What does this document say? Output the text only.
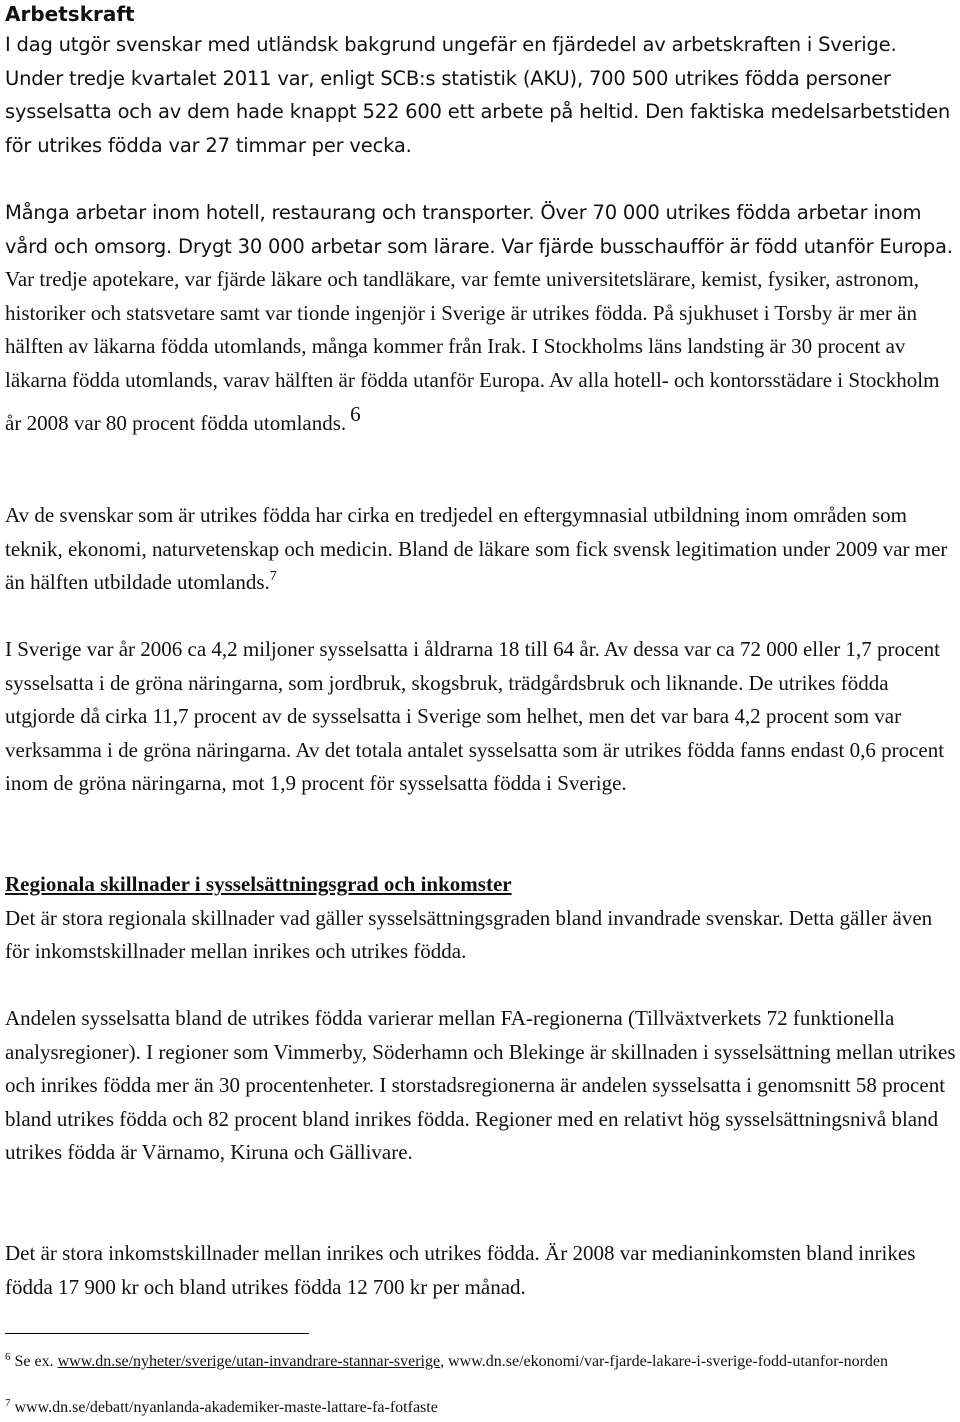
Arbetskraft

I dag utgör svenskar med utländsk bakgrund ungefär en fjärdedel av arbetskraften i Sverige. Under tredje kvartalet 2011 var, enligt SCB:s statistik (AKU), 700 500 utrikes födda personer sysselsatta och av dem hade knappt 522 600 ett arbete på heltid. Den faktiska medelsarbetstiden för utrikes födda var 27 timmar per vecka.

Många arbetar inom hotell, restaurang och transporter. Över 70 000 utrikes födda arbetar inom vård och omsorg. Drygt 30 000 arbetar som lärare. Var fjärde busschaufför är född utanför Europa. Var tredje apotekare, var fjärde läkare och tandläkare, var femte universitetslärare, kemist, fysiker, astronom, historiker och statsvetare samt var tionde ingenjör i Sverige är utrikes födda. På sjukhuset i Torsby är mer än hälften av läkarna födda utomlands, många kommer från Irak. I Stockholms läns landsting är 30 procent av läkarna födda utomlands, varav hälften är födda utanför Europa. Av alla hotell- och kontorsstädare i Stockholm år 2008 var 80 procent födda utomlands. $^6$

Av de svenskar som är utrikes födda har cirka en tredjedel en eftergymnasial utbildning inom områden som teknik, ekonomi, naturvetenskap och medicin. Bland de läkare som fick svensk legitimation under 2009 var mer än hälften utbildade utomlands.$^7$

I Sverige var år 2006 ca 4,2 miljoner sysselsatta i åldrarna 18 till 64 år. Av dessa var ca 72 000 eller 1,7 procent sysselsatta i de gröna näringarna, som jordbruk, skogsbruk, trädgårdsbruk och liknande. De utrikes födda utgjorde då cirka 11,7 procent av de sysselsatta i Sverige som helhet, men det var bara 4,2 procent som var verksamma i de gröna näringarna. Av det totala antalet sysselsatta som är utrikes födda fanns endast 0,6 procent inom de gröna näringarna, mot 1,9 procent för sysselsatta födda i Sverige.

Regionala skillnader i sysselsättningsgrad och inkomster

Det är stora regionala skillnader vad gäller sysselsättningsgraden bland invandrade svenskar. Detta gäller även för inkomstskillnader mellan inrikes och utrikes födda.

Andelen sysselsatta bland de utrikes födda varierar mellan FA-regionerna (Tillväxtverkets 72 funktionella analysregioner). I regioner som Vimmerby, Söderhamn och Blekinge är skillnaden i sysselsättning mellan utrikes och inrikes födda mer än 30 procentenheter. I storstadsregionerna är andelen sysselsatta i genomsnitt 58 procent bland utrikes födda och 82 procent bland inrikes födda. Regioner med en relativt hög sysselsättningsnivå bland utrikes födda är Värnamo, Kiruna och Gällivare.

Det är stora inkomstskillnader mellan inrikes och utrikes födda. Är 2008 var medianinkomsten bland inrikes födda 17 900 kr och bland utrikes födda 12 700 kr per månad.

$^6$ Se ex. www.dn.se/nyheter/sverige/utan-invandrare-stannar-sverige, www.dn.se/ekonomi/var-fjarde-lakare-i-sverige-fodd-utanfor-norden
$^7$ www.dn.se/debatt/nyanlanda-akademiker-maste-lattare-fa-fotfaste
